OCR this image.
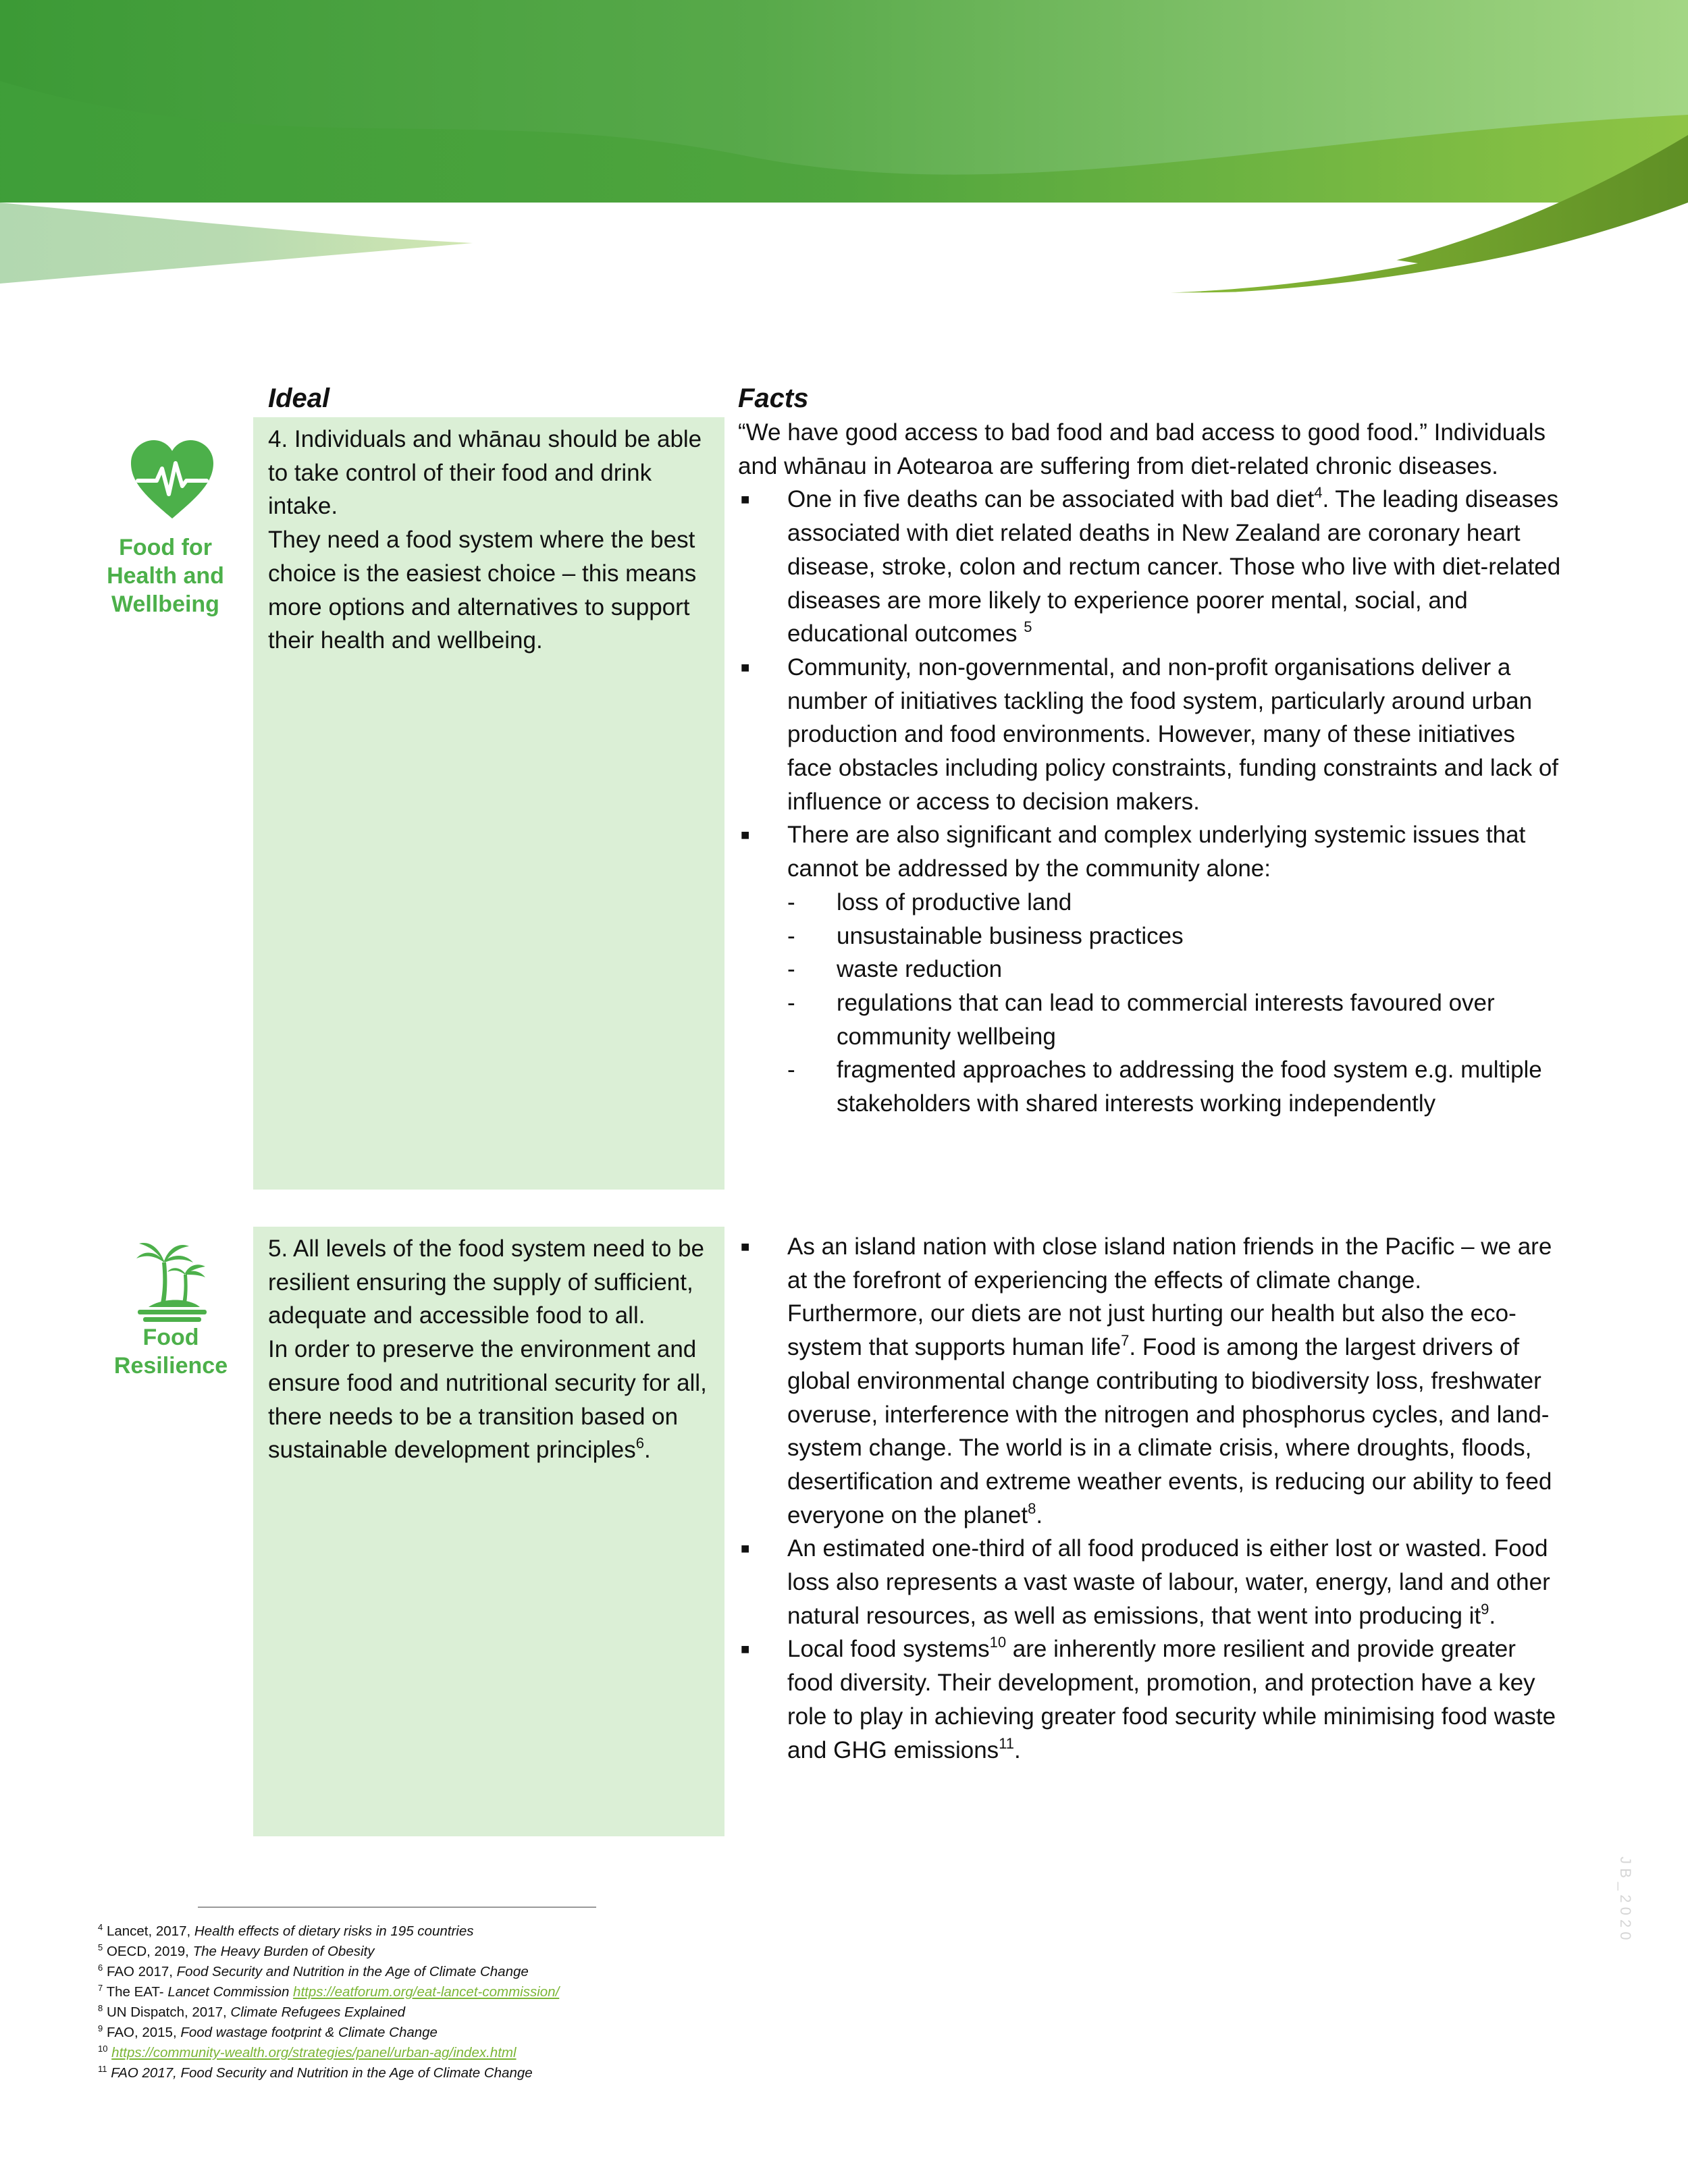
Ideal	Facts
Food for
Health and
Wellbeing

4. Individuals and whānau should be able to take control of their food and drink intake.

They need a food system where the best choice is the easiest choice – this means more options and alternatives to support their health and wellbeing.

“We have good access to bad food and bad access to good food.” Individuals and whānau in Aotearoa are suffering from diet-related chronic diseases.

■ One in five deaths can be associated with bad diet$^4$. The leading diseases associated with diet related deaths in New Zealand are coronary heart disease, stroke, colon and rectum cancer. Those who live with diet-related diseases are more likely to experience poorer mental, social, and educational outcomes $^5$

■ Community, non-governmental, and non-profit organisations deliver a number of initiatives tackling the food system, particularly around urban production and food environments. However, many of these initiatives face obstacles including policy constraints, funding constraints and lack of influence or access to decision makers.

■ There are also significant and complex underlying systemic issues that cannot be addressed by the community alone:

- loss of productive land

- unsustainable business practices

- waste reduction

- regulations that can lead to commercial interests favoured over community wellbeing

- fragmented approaches to addressing the food system e.g. multiple stakeholders with shared interests working independently

Food
Resilience

5. All levels of the food system need to be resilient ensuring the supply of sufficient, adequate and accessible food to all.

In order to preserve the environment and ensure food and nutritional security for all, there needs to be a transition based on sustainable development principles$^6$.

■ As an island nation with close island nation friends in the Pacific – we are at the forefront of experiencing the effects of climate change. Furthermore, our diets are not just hurting our health but also the eco-system that supports human life$^7$. Food is among the largest drivers of global environmental change contributing to biodiversity loss, freshwater overuse, interference with the nitrogen and phosphorus cycles, and land-system change. The world is in a climate crisis, where droughts, floods, desertification and extreme weather events, is reducing our ability to feed everyone on the planet$^8$.

■ An estimated one-third of all food produced is either lost or wasted. Food loss also represents a vast waste of labour, water, energy, land and other natural resources, as well as emissions, that went into producing $it^9$.

■ Local food systems$^{10}$ are inherently more resilient and provide greater food diversity. Their development, promotion, and protection have a key role to play in achieving greater food security while minimising food waste and GHG emissions$^{11}$.

$^4$ Lancet, 2017, Health effects of dietary risks in 195 countries
$^5$ OECD, 2019, The Heavy Burden of Obesity
$^6$ FAO 2017, Food Security and Nutrition in the Age of Climate Change
$^7$ The EAT- Lancet Commission https://eatforum.org/eat-lancet-commission/
$^8$ UN Dispatch, 2017, Climate Refugees Explained
$^9$ FAO, 2015, Food wastage footprint & Climate Change
$^{10}$ https://community-wealth.org/strategies/panel/urban-ag/index.html
$^{11}$ FAO 2017, Food Security and Nutrition in the Age of Climate Change
J B _ 2 0 2 0
